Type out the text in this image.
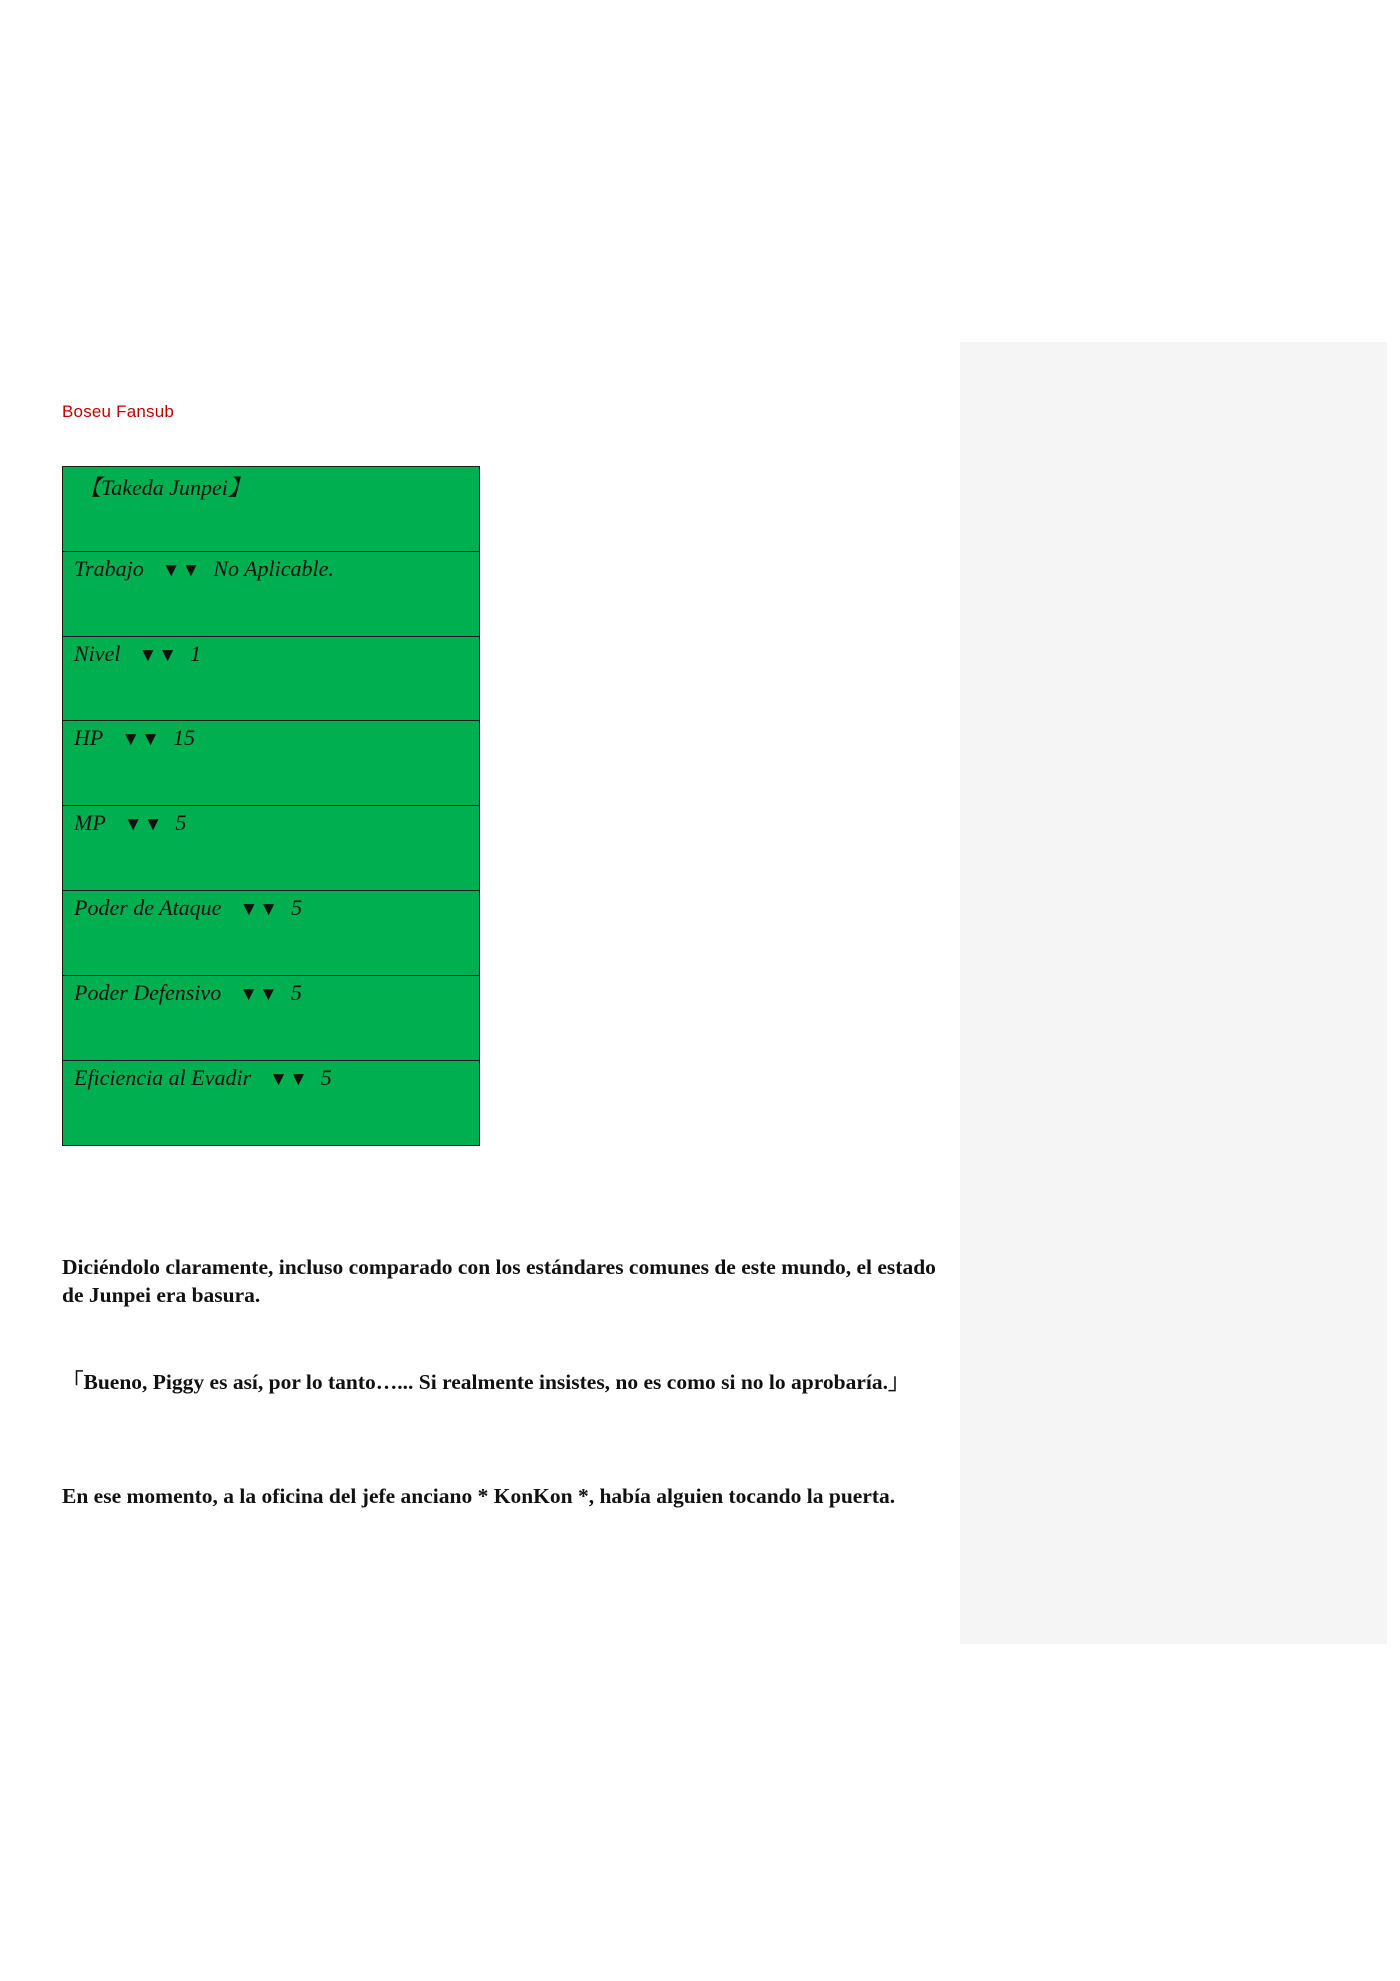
Boseu Fansub
【Takeda Junpei】
Trabajo ▼▼ No Aplicable.
Nivel ▼▼ 1
HP ▼▼ 15
MP ▼▼ 5
Poder de Ataque ▼▼ 5
Poder Defensivo ▼▼ 5
Eficiencia al Evadir ▼▼ 5

Diciéndolo claramente, incluso comparado con los estándares comunes de este mundo, el estado de Junpei era basura.

「Bueno, Piggy es así, por lo tanto…... Si realmente insistes, no es como si no lo aprobaría.」

En ese momento, a la oficina del jefe anciano * KonKon *, había alguien tocando la puerta.
